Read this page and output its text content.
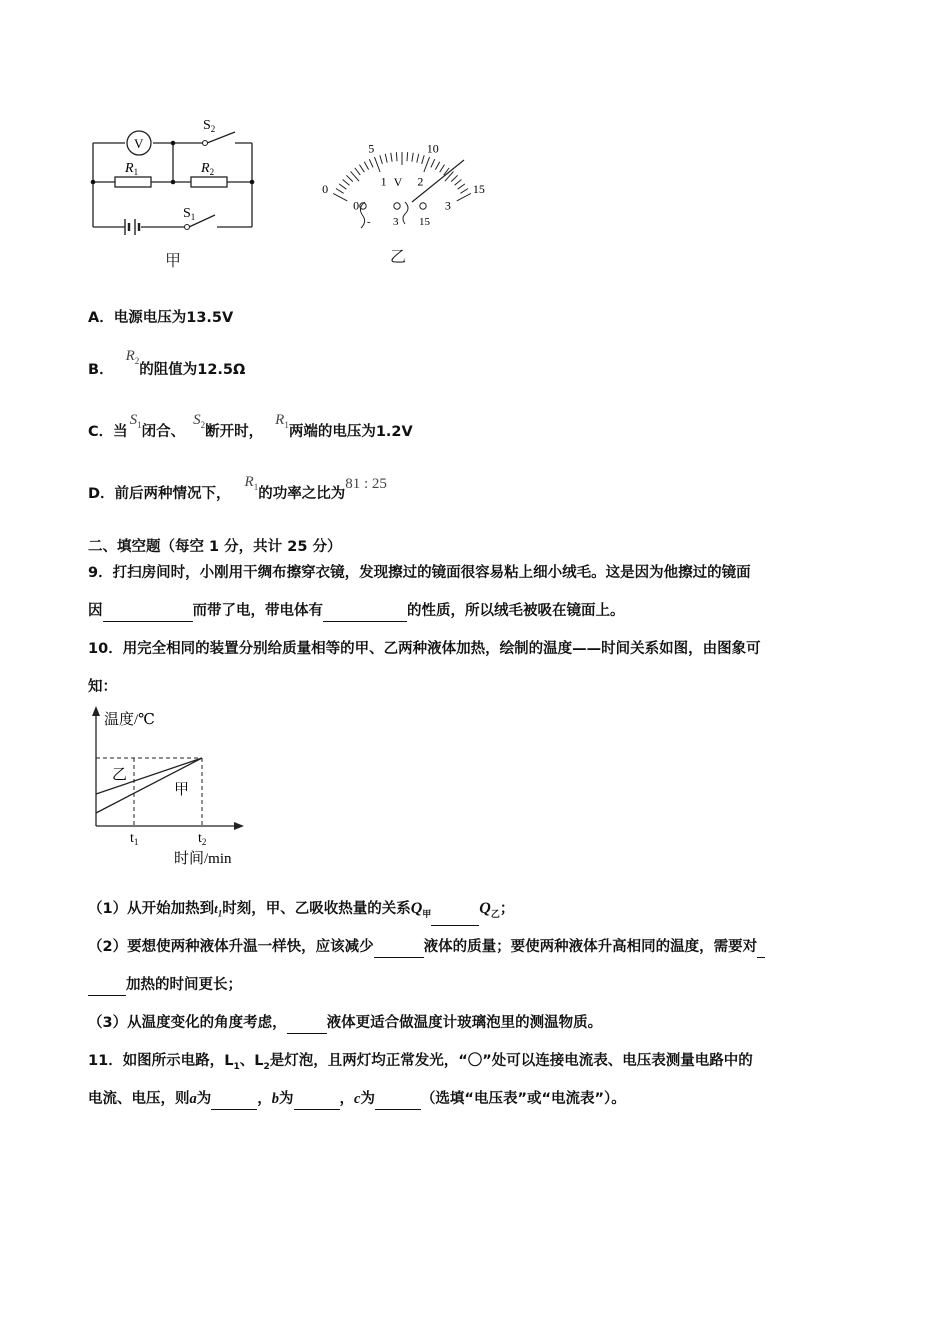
V
$R_1$	$R_2$
$S_2$
$S_1$
甲
0
5	10
15
0
1	2
3
V
- 3 15
乙
A．电源电压为13.5V
B．$R_2$的阻值为12.5Ω
C．当$S_1$闭合、$S_2$断开时，$R_1$两端的电压为1.2V
D．前后两种情况下，$R_1$的功率之比为81 : 25
二、填空题（每空 1 分，共计 25 分）
9．打扫房间时，小刚用干绸布擦穿衣镜，发现擦过的镜面很容易粘上细小绒毛。这是因为他擦过的镜面
因	而带了电，带电体有	的性质，所以绒毛被吸在镜面上。
10．用完全相同的装置分别给质量相等的甲、乙两种液体加热，绘制的温度——时间关系如图，由图象可
知：
温度/℃
乙
甲
$t_1$	$t_2$
时间/min
（1）从开始加热到$t_1$时刻，甲、乙吸收热量的关系$Q_甲$	$Q_乙$；
（2）要想使两种液体升温一样快，应该减少	液体的质量；要使两种液体升高相同的温度，需要对
加热的时间更长；
（3）从温度变化的角度考虑，	液体更适合做温度计玻璃泡里的测温物质。
11．如图所示电路，$L_1$、$L_2$是灯泡，且两灯均正常发光，“〇”处可以连接电流表、电压表测量电路中的
电流、电压，则a为	，b为	，c为	（选填“电压表”或“电流表”）。
